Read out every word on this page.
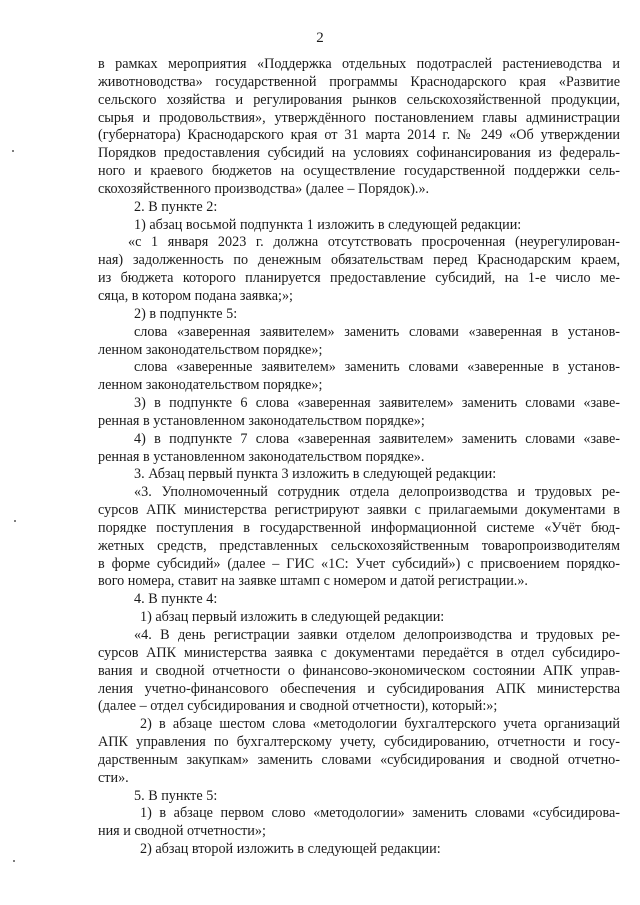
2
в рамках мероприятия «Поддержка отдельных подотраслей растениеводства и
животноводства» государственной программы Краснодарского края «Развитие
сельского хозяйства и регулирования рынков сельскохозяйственной продукции,
сырья и продовольствия», утверждённого постановлением главы администрации
(губернатора) Краснодарского края от 31 марта 2014 г. № 249 «Об утверждении
Порядков предоставления субсидий на условиях софинансирования из федераль-
ного и краевого бюджетов на осуществление государственной поддержки сель-
скохозяйственного производства» (далее – Порядок).».
2. В пункте 2:
1) абзац восьмой подпункта 1 изложить в следующей редакции:
«с 1 января 2023 г. должна отсутствовать просроченная (неурегулирован-
ная) задолженность по денежным обязательствам перед Краснодарским краем,
из бюджета которого планируется предоставление субсидий, на 1-е число ме-
сяца, в котором подана заявка;»;
2) в подпункте 5:
слова «заверенная заявителем» заменить словами «заверенная в установ-
ленном законодательством порядке»;
слова «заверенные заявителем» заменить словами «заверенные в установ-
ленном законодательством порядке»;
3) в подпункте 6 слова «заверенная заявителем» заменить словами «заве-
ренная в установленном законодательством порядке»;
4) в подпункте 7 слова «заверенная заявителем» заменить словами «заве-
ренная в установленном законодательством порядке».
3. Абзац первый пункта 3 изложить в следующей редакции:
«3. Уполномоченный сотрудник отдела делопроизводства и трудовых ре-
сурсов АПК министерства регистрируют заявки с прилагаемыми документами в
порядке поступления в государственной информационной системе «Учёт бюд-
жетных средств, представленных сельскохозяйственным товаропроизводителям
в форме субсидий» (далее – ГИС «1С: Учет субсидий») с присвоением порядко-
вого номера, ставит на заявке штамп с номером и датой регистрации.».
4. В пункте 4:
1) абзац первый изложить в следующей редакции:
«4. В день регистрации заявки отделом делопроизводства и трудовых ре-
сурсов АПК министерства заявка с документами передаётся в отдел субсидиро-
вания и сводной отчетности о финансово-экономическом состоянии АПК управ-
ления учетно-финансового обеспечения и субсидирования АПК министерства
(далее – отдел субсидирования и сводной отчетности), который:»;
2) в абзаце шестом слова «методологии бухгалтерского учета организаций
АПК управления по бухгалтерскому учету, субсидированию, отчетности и госу-
дарственным закупкам» заменить словами «субсидирования и сводной отчетно-
сти».
5. В пункте 5:
1) в абзаце первом слово «методологии» заменить словами «субсидирова-
ния и сводной отчетности»;
2) абзац второй изложить в следующей редакции:
